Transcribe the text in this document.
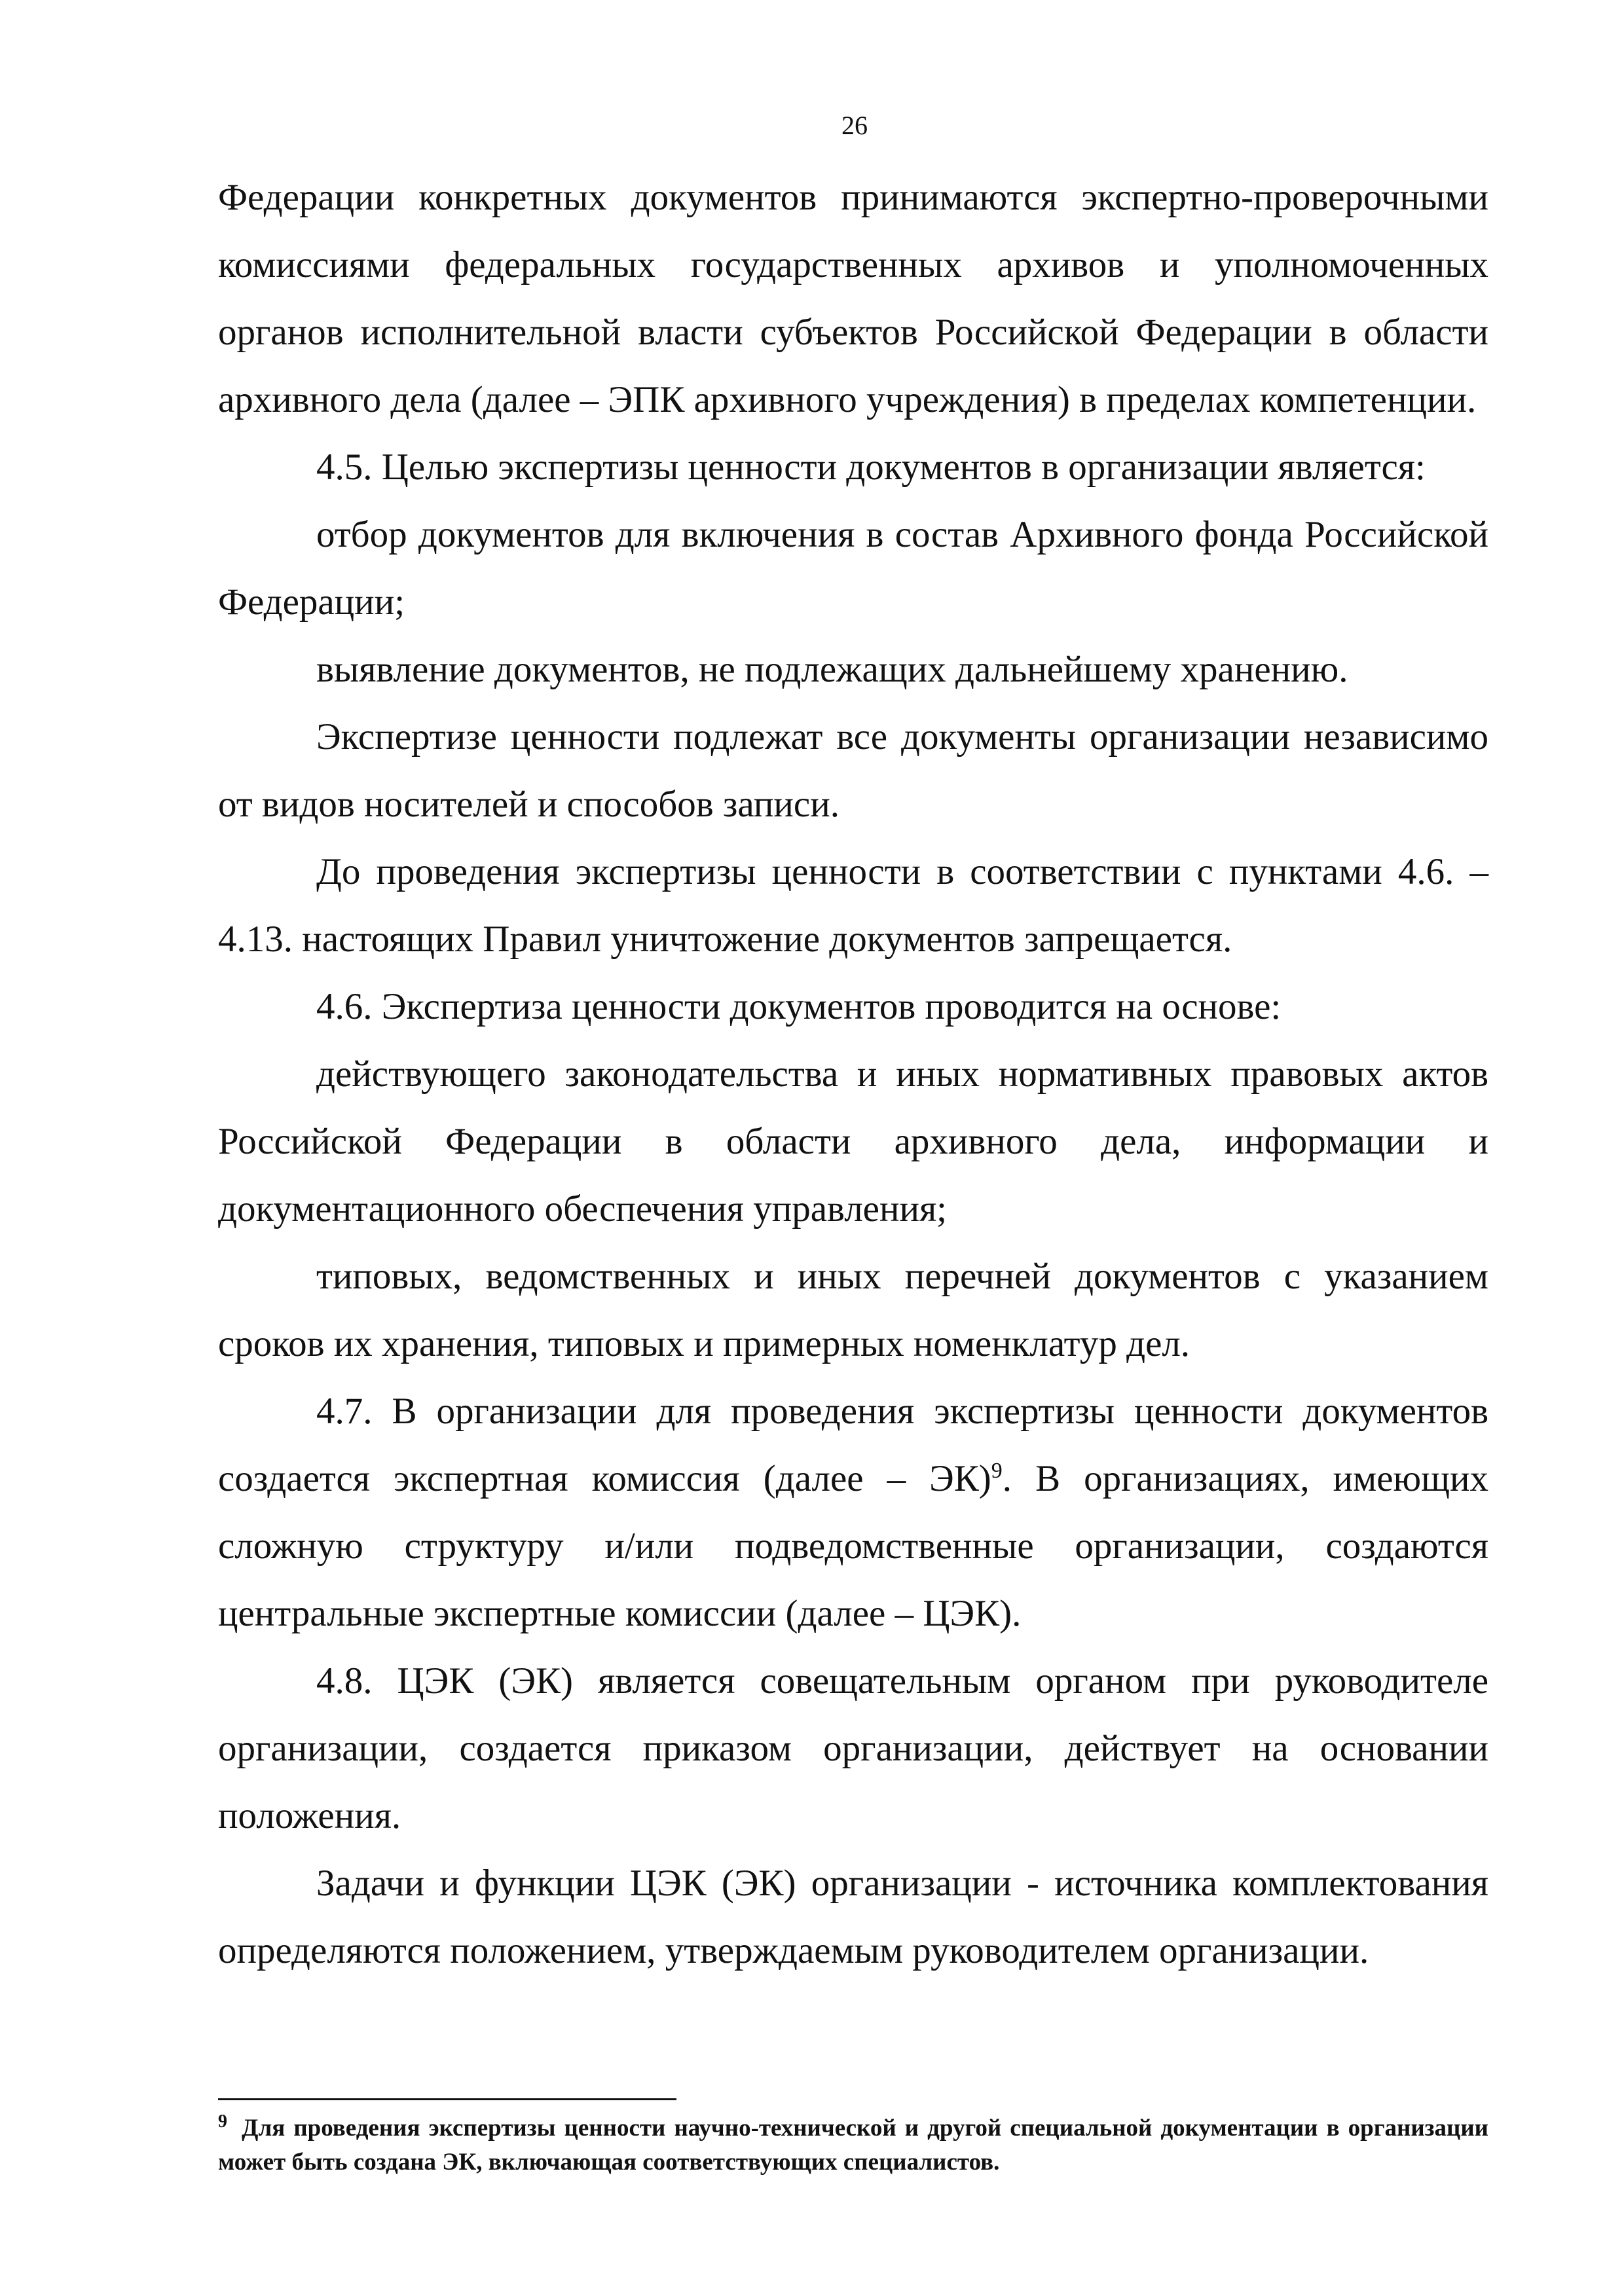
26

Федерации конкретных документов принимаются экспертно-проверочными комиссиями федеральных государственных архивов и уполномоченных органов исполнительной власти субъектов Российской Федерации в области архивного дела (далее – ЭПК архивного учреждения) в пределах компетенции.

4.5. Целью экспертизы ценности документов в организации является:

отбор документов для включения в состав Архивного фонда Российской Федерации;

выявление документов, не подлежащих дальнейшему хранению.

Экспертизе ценности подлежат все документы организации независимо от видов носителей и способов записи.

До проведения экспертизы ценности в соответствии с пунктами 4.6. – 4.13. настоящих Правил уничтожение документов запрещается.

4.6. Экспертиза ценности документов проводится на основе:

действующего законодательства и иных нормативных правовых актов Российской Федерации в области архивного дела, информации и документационного обеспечения управления;

типовых, ведомственных и иных перечней документов с указанием сроков их хранения, типовых и примерных номенклатур дел.

4.7. В организации для проведения экспертизы ценности документов создается экспертная комиссия (далее – ЭК)$^9$. В организациях, имеющих сложную структуру и/или подведомственные организации, создаются центральные экспертные комиссии (далее – ЦЭК).

4.8. ЦЭК (ЭК) является совещательным органом при руководителе организации, создается приказом организации, действует на основании положения.

Задачи и функции ЦЭК (ЭК) организации - источника комплектования определяются положением, утверждаемым руководителем организации.

$^9$ Для проведения экспертизы ценности научно-технической и другой специальной документации в организации может быть создана ЭК, включающая соответствующих специалистов.
